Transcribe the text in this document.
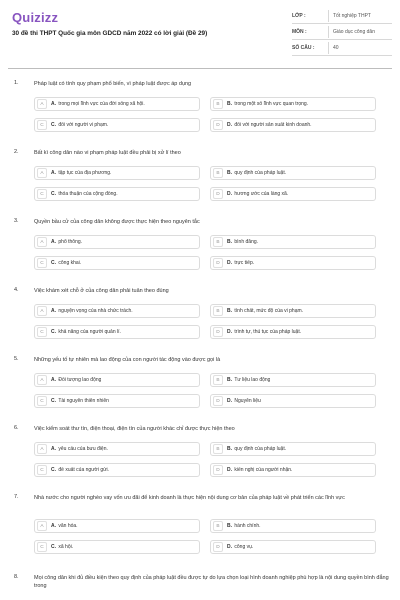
Quizizz
30 đề thi THPT Quốc gia môn GDCD năm 2022 có lời giải (Đề 29)
LỚP :	Tốt nghiệp THPT
MÔN :	Giáo dục công dân
SỐ CÂU :	40
1.	Pháp luật có tính quy phạm phổ biến, vì pháp luật được áp dụng
A	A. trong mọi lĩnh vực của đời sống xã hội.	B	B. trong một số lĩnh vực quan trọng.
C	C. đối với người vi phạm.	D	D. đối với người sản xuất kinh doanh.
2.	Bất kì công dân nào vi phạm pháp luật đều phải bị xử lí theo
A	A. tập tục của địa phương.	B	B. quy định của pháp luật.
C	C. thỏa thuận của cộng đồng.	D	D. hương ước của làng xã.
3.	Quyền bầu cử của công dân không được thực hiện theo nguyên tắc
A	A. phổ thông.	B	B. bình đẳng.
C	C. công khai.	D	D. trực tiếp.
4.	Việc khám xét chỗ ở của công dân phải tuân theo đúng
A	A. nguyện vọng của nhà chức trách.	B	B. tính chất, mức độ của vi phạm.
C	C. khả năng của người quản lí.	D	D. trình tự, thủ tục của pháp luật.
5.	Những yếu tố tự nhiên mà lao động của con người tác động vào được gọi là
A	A. Đối tượng lao động	B	B. Tư liệu lao động
C	C. Tài nguyên thiên nhiên	D	D. Nguyên liệu
6.	Việc kiểm soát thư tín, điện thoại, điện tín của người khác chỉ được thực hiện theo
A	A. yêu cầu của bưu điện.	B	B. quy định của pháp luật.
C	C. đề xuất của người gửi.	D	D. kiến nghị của người nhận.
7.	Nhà nước cho người nghèo vay vốn ưu đãi để kinh doanh là thực hiện nội dung cơ bản của pháp luật về phát triển các lĩnh vực
A	A. văn hóa.	B	B. hành chính.
C	C. xã hội.	D	D. công vụ.
8.	Mọi công dân khi đủ điều kiện theo quy định của pháp luật đều được tự do lựa chọn loại hình doanh nghiệp phù hợp là nội dung quyền bình đẳng trong
